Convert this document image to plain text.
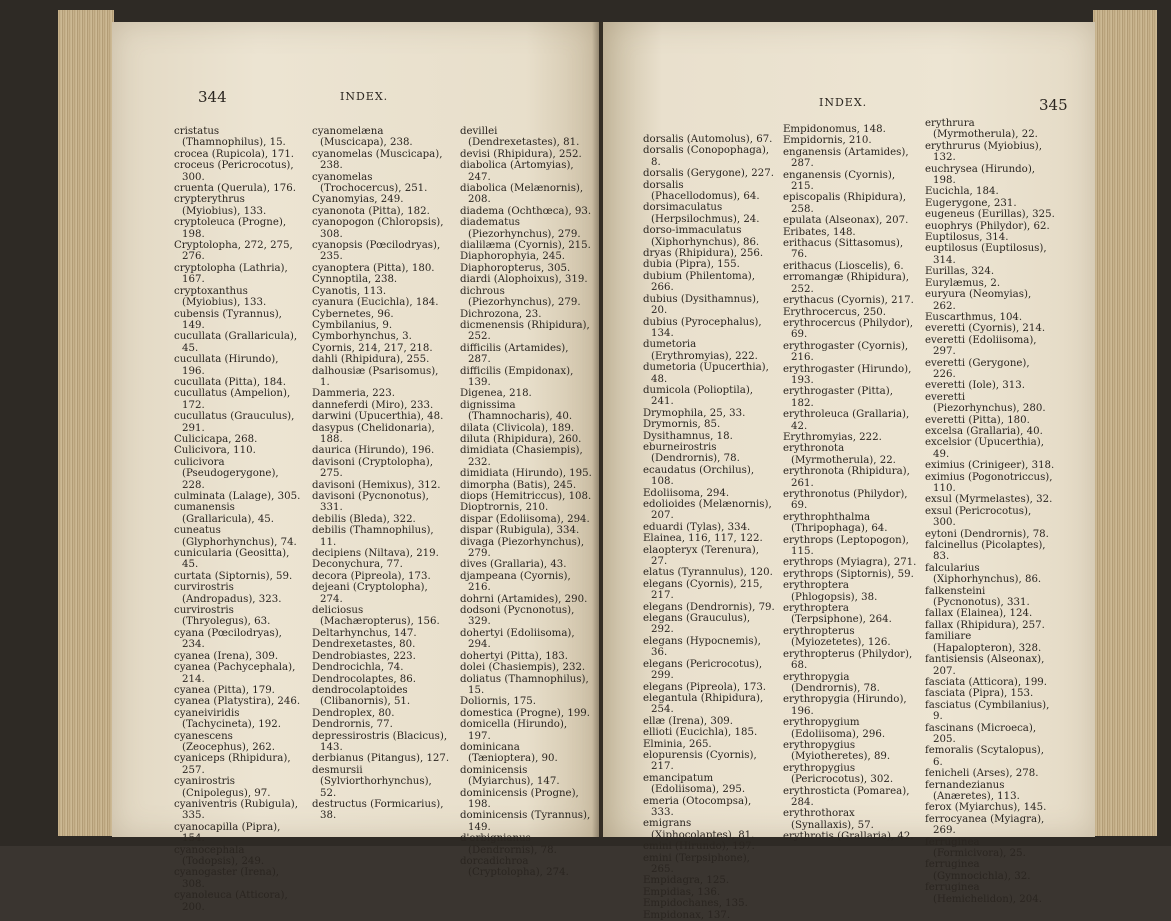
344	INDEX.

cristatus (Thamnophilus), 15.

crocea (Rupicola), 171.

croceus (Pericrocotus), 300.

cruenta (Querula), 176.

crypterythrus (Myiobius), 133.

cryptoleuca (Progne), 198.

Cryptolopha, 272, 275, 276.

cryptolopha (Lathria), 167.

cryptoxanthus (Myiobius), 133.

cubensis (Tyrannus), 149.

cucullata (Grallaricula), 45.

cucullata (Hirundo), 196.

cucullata (Pitta), 184.

cucullatus (Ampelion), 172.

cucullatus (Grauculus), 291.

Culicicapa, 268.

Culicivora, 110.

culicivora (Pseudogerygone), 228.

culminata (Lalage), 305.

cumanensis (Grallaricula), 45.

cuneatus (Glyphorhynchus), 74.

cunicularia (Geositta), 45.

curtata (Siptornis), 59.

curvirostris (Andropadus), 323.

curvirostris (Thryolegus), 63.

cyana (Pœcilodryas), 234.

cyanea (Irena), 309.

cyanea (Pachycephala), 214.

cyanea (Pitta), 179.

cyanea (Platystira), 246.

cyaneiviridis (Tachycineta), 192.

cyanescens (Zeocephus), 262.

cyaniceps (Rhipidura), 257.

cyanirostris (Cnipolegus), 97.

cyaniventris (Rubigula), 335.

cyanocapilla (Pipra), 154.

cyanocephala (Todopsis), 249.

cyanogaster (Irena), 308.

cyanoleuca (Atticora), 200.

cyanomelæna (Muscicapa), 238.

cyanomelas (Muscicapa), 238.

cyanomelas (Trochocercus), 251.

Cyanomyias, 249.

cyanonota (Pitta), 182.

cyanopogon (Chloropsis), 308.

cyanopsis (Pœcilodryas), 235.

cyanoptera (Pitta), 180.

Cynnoptila, 238.

Cyanotis, 113.

cyanura (Eucichla), 184.

Cybernetes, 96.

Cymbilanius, 9.

Cymborhynchus, 3.

Cyornis, 214, 217, 218.

dahli (Rhipidura), 255.

dalhousiæ (Psarisomus), 1.

Dammeria, 223.

danneferdi (Miro), 233.

darwini (Upucerthia), 48.

dasypus (Chelidonaria), 188.

daurica (Hirundo), 196.

davisoni (Cryptolopha), 275.

davisoni (Hemixus), 312.

davisoni (Pycnonotus), 331.

debilis (Bleda), 322.

debilis (Thamnophilus), 11.

decipiens (Niltava), 219.

Deconychura, 77.

decora (Pipreola), 173.

dejeani (Cryptolopha), 274.

deliciosus (Machæropterus), 156.

Deltarhynchus, 147.

Dendrexetastes, 80.

Dendrobiastes, 223.

Dendrocichla, 74.

Dendrocolaptes, 86.

dendrocolaptoides (Clibanornis), 51.

Dendroplex, 80.

Dendrornis, 77.

depressirostris (Blacicus), 143.

derbianus (Pitangus), 127.

desmursii (Sylviorthorhynchus), 52.

destructus (Formicarius), 38.

devillei (Dendrexetastes), 81.

devisi (Rhipidura), 252.

diabolica (Artomyias), 247.

diabolica (Melænornis), 208.

diadema (Ochthœca), 93.

diadematus (Piezorhynchus), 279.

dialilæma (Cyornis), 215.

Diaphorophyia, 245.

Diaphoropterus, 305.

diardi (Alophoixus), 319.

dichrous (Piezorhynchus), 279.

Dichrozona, 23.

dicmenensis (Rhipidura), 252.

difficilis (Artamides), 287.

difficilis (Empidonax), 139.

Digenea, 218.

dignissima (Thamnocharis), 40.

dilata (Clivicola), 189.

diluta (Rhipidura), 260.

dimidiata (Chasiempis), 232.

dimidiata (Hirundo), 195.

dimorpha (Batis), 245.

diops (Hemitriccus), 108.

Dioptrornis, 210.

dispar (Edoliisoma), 294.

dispar (Rubigula), 334.

divaga (Piezorhynchus), 279.

dives (Grallaria), 43.

djampeana (Cyornis), 216.

dohrni (Artamides), 290.

dodsoni (Pycnonotus), 329.

dohertyi (Edoliisoma), 294.

dohertyi (Pitta), 183.

dolei (Chasiempis), 232.

doliatus (Thamnophilus), 15.

Doliornis, 175.

domestica (Progne), 199.

domicella (Hirundo), 197.

dominicana (Tæniopterа), 90.

dominicensis (Myiarchus), 147.

dominicensis (Progne), 198.

dominicensis (Tyrannus), 149.

d'orbignianus (Dendrornis), 78.

dorcadichroa (Cryptolopha), 274.

INDEX.	345

dorsalis (Automolus), 67.

dorsalis (Conopophaga), 8.

dorsalis (Gerygone), 227.

dorsalis (Phacellodomus), 64.

dorsimaculatus (Herpsilochmus), 24.

dorso-immaculatus (Xiphorhynchus), 86.

dryas (Rhipidura), 256.

dubia (Pipra), 155.

dubium (Philentoma), 266.

dubius (Dysithamnus), 20.

dubius (Pyrocephalus), 134.

dumetoria (Erythromyias), 222.

dumetoria (Upucerthia), 48.

dumicola (Polioptila), 241.

Drymophila, 25, 33.

Drymornis, 85.

Dysithamnus, 18.

eburneirostris (Dendrornis), 78.

ecaudatus (Orchilus), 108.

Edoliisoma, 294.

edolioides (Melænornis), 207.

eduardi (Tylas), 334.

Elainea, 116, 117, 122.

elaopteryx (Terenura), 27.

elatus (Tyrannulus), 120.

elegans (Cyornis), 215, 217.

elegans (Dendrornis), 79.

elegans (Grauculus), 292.

elegans (Hypocnemis), 36.

elegans (Pericrocotus), 299.

elegans (Pipreola), 173.

elegantula (Rhipidura), 254.

ellæ (Irena), 309.

ellioti (Eucichla), 185.

Elminia, 265.

elopurensis (Cyornis), 217.

emancipatum (Edoliisoma), 295.

emeria (Otocompsa), 333.

emigrans (Xiphocolaptes), 81.

emini (Hirundo), 197.

emini (Terpsiphone), 265.

Empidagra, 125.

Empidias, 136.

Empidochanes, 135.

Empidonax, 137.

Empidonomus, 148.

Empidornis, 210.

enganensis (Artamides), 287.

enganensis (Cyornis), 215.

episcopalis (Rhipidura), 258.

epulata (Alseonax), 207.

Eribates, 148.

erithacus (Sittasomus), 76.

erithacus (Lioscelis), 6.

erromangæ (Rhipidura), 252.

erythacus (Cyornis), 217.

Erythrocercus, 250.

erythrocercus (Philydor), 69.

erythrogaster (Cyornis), 216.

erythrogaster (Hirundo), 193.

erythrogaster (Pitta), 182.

erythroleuca (Grallaria), 42.

Erythromyias, 222.

erythronota (Myrmotherula), 22.

erythronota (Rhipidura), 261.

erythronotus (Philydor), 69.

erythrophthalma (Thripophaga), 64.

erythrops (Leptopogon), 115.

erythrops (Myiagra), 271.

erythrops (Siptornis), 59.

erythroptera (Phlogopsis), 38.

erythroptera (Terpsiphone), 264.

erythropterus (Myiozetetes), 126.

erythropterus (Philydor), 68.

erythropygia (Dendrornis), 78.

erythropygia (Hirundo), 196.

erythropygium (Edoliisoma), 296.

erythropygius (Myiotheretes), 89.

erythropygius (Pericrocotus), 302.

erythrosticta (Pomarea), 284.

erythrothorax (Synallaxis), 57.

erythrotis (Grallaria), 42.

erythrura (Myrmotherula), 22.

erythrurus (Myiobius), 132.

euchrysea (Hirundo), 198.

Eucichla, 184.

Eugerygone, 231.

eugeneus (Eurillas), 325.

euophrys (Philydor), 62.

Euptilosus, 314.

euptilosus (Euptilosus), 314.

Eurillas, 324.

Eurylæmus, 2.

euryura (Neomyias), 262.

Euscarthmus, 104.

everetti (Cyornis), 214.

everetti (Edoliisoma), 297.

everetti (Gerygone), 226.

everetti (Iole), 313.

everetti (Piezorhynchus), 280.

everetti (Pitta), 180.

excelsa (Grallaria), 40.

excelsior (Upucerthia), 49.

eximius (Crinigeer), 318.

eximius (Pogonotriccus), 110.

exsul (Myrmelastes), 32.

exsul (Pericrocotus), 300.

eytoni (Dendrornis), 78.

falcinellus (Picolaptes), 83.

falcularius (Xiphorhynchus), 86.

falkensteini (Pycnonotus), 331.

fallax (Elainea), 124.

fallax (Rhipidura), 257.

familiare (Hapalopteron), 328.

fantisiensis (Alseonax), 207.

fasciata (Atticora), 199.

fasciata (Pipra), 153.

fasciatus (Cymbilanius), 9.

fascinans (Microeca), 205.

femoralis (Scytalopus), 6.

fenicheli (Arses), 278.

fernandezianus (Anæretes), 113.

ferox (Myiarchus), 145.

ferrocyanea (Myiagra), 269.

ferruginea (Formicivora), 25.

ferruginea (Gymnocichla), 32.

ferruginea (Hemichelidon), 204.
